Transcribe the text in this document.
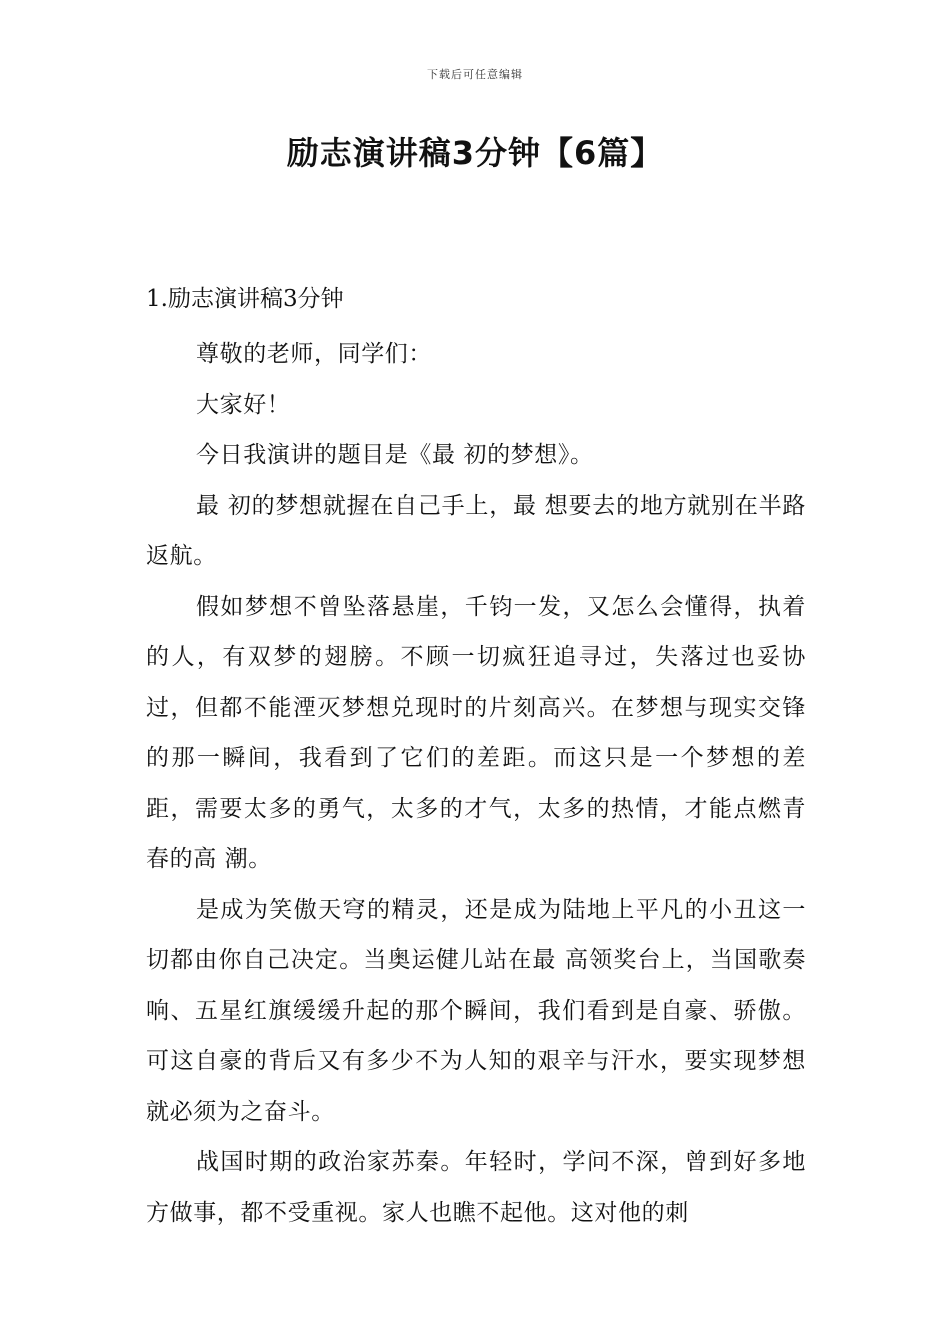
下载后可任意编辑
励志演讲稿3分钟【6篇】

1.励志演讲稿3分钟

尊敬的老师，同学们：

大家好！

今日我演讲的题目是《最 初的梦想》。

最 初的梦想就握在自己手上，最 想要去的地方就别在半路返航。

假如梦想不曾坠落悬崖，千钧一发，又怎么会懂得，执着的人，有双梦的翅膀。不顾一切疯狂追寻过，失落过也妥协过，但都不能湮灭梦想兑现时的片刻高兴。在梦想与现实交锋的那一瞬间，我看到了它们的差距。而这只是一个梦想的差距，需要太多的勇气，太多的才气，太多的热情，才能点燃青春的高 潮。

是成为笑傲天穹的精灵，还是成为陆地上平凡的小丑这一切都由你自己决定。当奥运健儿站在最 高领奖台上，当国歌奏响、五星红旗缓缓升起的那个瞬间，我们看到是自豪、骄傲。可这自豪的背后又有多少不为人知的艰辛与汗水，要实现梦想就必须为之奋斗。

战国时期的政治家苏秦。年轻时，学问不深，曾到好多地方做事，都不受重视。家人也瞧不起他。这对他的刺
